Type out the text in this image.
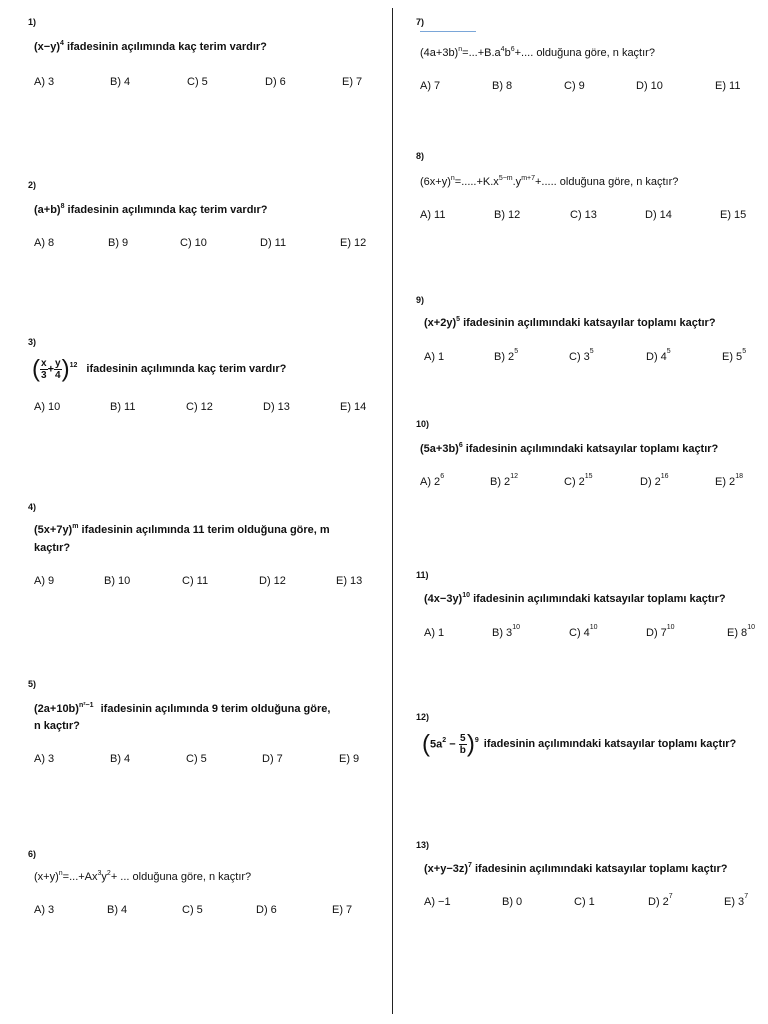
1)
$(x-y)^4$ ifadesinin açılımında kaç terim vardır?
A) 3	B) 4	C) 5	D) 6	E) 7
2)
$(a+b)^8$ ifadesinin açılımında kaç terim vardır?
A) 8	B) 9	C) 10	D) 11	E) 12
3)
( $\frac{x}{3} + \frac{y}{4} )^{12}$ ifadesinin açılımında kaç terim vardır?
A) 10	B) 11	C) 12	D) 13	E) 14
4)
$(5x+7y)^m$ ifadesinin açılımında 11 terim olduğuna göre, m
kaçtır?
A) 9	B) 10	C) 11	D) 12	E) 13
5)
$(2a+10b)^{n^2-1}$ ifadesinin açılımında 9 terim olduğuna göre,
n kaçtır?
A) 3	B) 4	C) 5	D) 7	E) 9
6)
$(x+y)^n=...+Ax^3y^2+$ ... olduğuna göre, n kaçtır?
A) 3	B) 4	C) 5	D) 6	E) 7
7)
$(4a+3b)^n=...+B.a^4b^6+$.... olduğuna göre, n kaçtır?
A) 7	B) 8	C) 9	D) 10	E) 11
8)
$(6x+y)^n=.....+K.x^{5-m}.y^{m+7}+$..... olduğuna göre, n kaçtır?
A) 11	B) 12	C) 13	D) 14	E) 15
9)
$(x+2y)^5$ ifadesinin açılımındaki katsayılar toplamı kaçtır?
A) 1	B) $2^5$	C) $3^5$	D) $4^5$	E) $5^5$
10)
$(5a+3b)^6$ ifadesinin açılımındaki katsayılar toplamı kaçtır?
A) $2^6$	B) $2^{12}$	C) $2^{15}$	D) $2^{16}$	E) $2^{18}$
11)
$(4x-3y)^{10}$ ifadesinin açılımındaki katsayılar toplamı kaçtır?
A) 1	B) $3^{10}$	C) $4^{10}$	D) $7^{10}$	E) $8^{10}$
12)
$(5a^2 - \frac{5}{b} )^9$ ifadesinin açılımındaki katsayılar toplamı kaçtır?
13)
$(x+y-3z)^7$ ifadesinin açılımındaki katsayılar toplamı kaçtır?
A) −1	B) 0	C) 1	D) $2^7$	E) $3^7$
